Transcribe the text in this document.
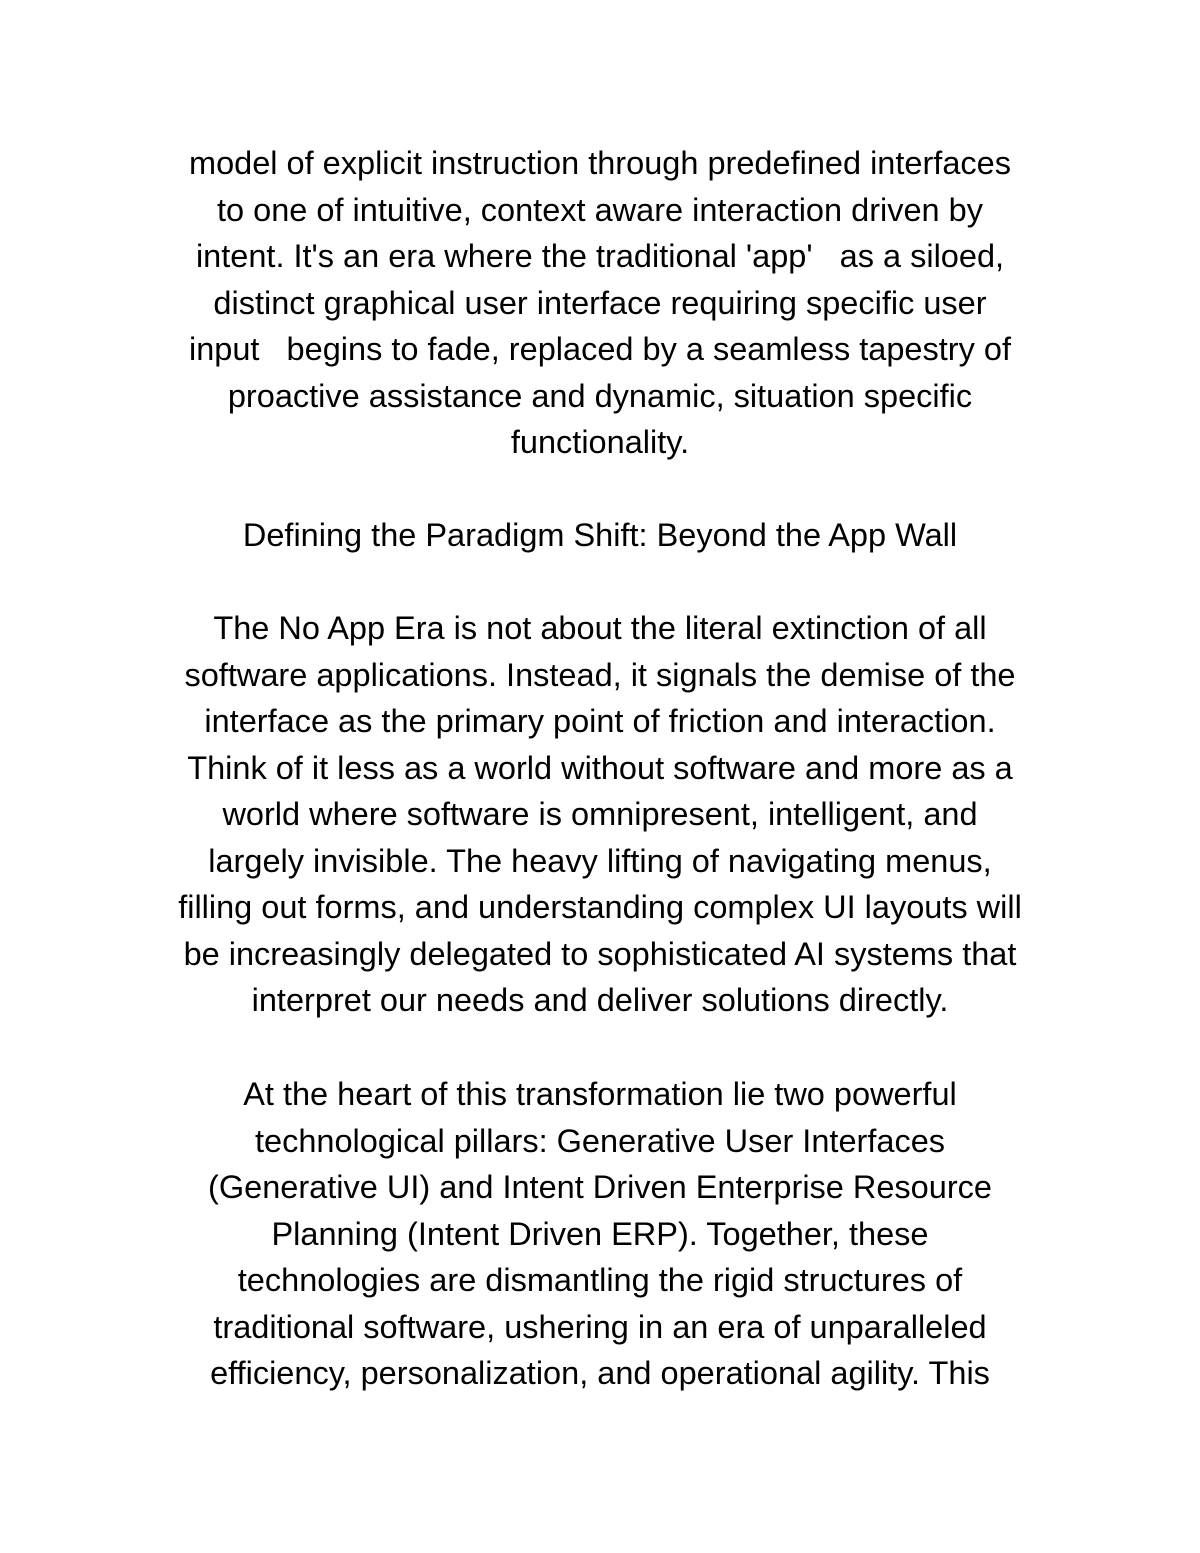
model of explicit instruction through predefined interfaces
to one of intuitive, context aware interaction driven by
intent. It's an era where the traditional 'app'   as a siloed,
distinct graphical user interface requiring specific user
input   begins to fade, replaced by a seamless tapestry of
proactive assistance and dynamic, situation specific
functionality.
Defining the Paradigm Shift: Beyond the App Wall
The No App Era is not about the literal extinction of all
software applications. Instead, it signals the demise of the
interface as the primary point of friction and interaction.
Think of it less as a world without software and more as a
world where software is omnipresent, intelligent, and
largely invisible. The heavy lifting of navigating menus,
filling out forms, and understanding complex UI layouts will
be increasingly delegated to sophisticated AI systems that
interpret our needs and deliver solutions directly.
At the heart of this transformation lie two powerful
technological pillars: Generative User Interfaces
(Generative UI) and Intent Driven Enterprise Resource
Planning (Intent Driven ERP). Together, these
technologies are dismantling the rigid structures of
traditional software, ushering in an era of unparalleled
efficiency, personalization, and operational agility. This
